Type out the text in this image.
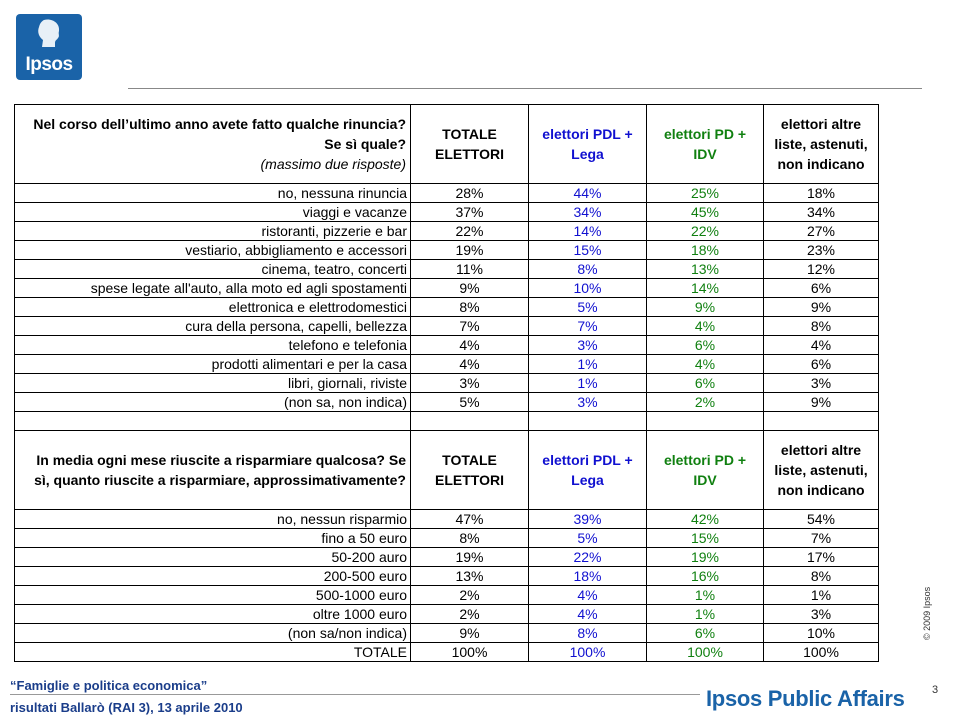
Ipsos
Nel corso dell’ultimo anno avete fatto qualche rinuncia? Se sì quale?
(massimo due risposte)	TOTALE ELETTORI	elettori PDL + Lega	elettori PD + IDV	elettori altre liste, astenuti, non indicano
no, nessuna rinuncia	28%	44%	25%	18%
viaggi e vacanze	37%	34%	45%	34%
ristoranti, pizzerie e bar	22%	14%	22%	27%
vestiario, abbigliamento e accessori	19%	15%	18%	23%
cinema, teatro, concerti	11%	8%	13%	12%
spese legate all'auto, alla moto ed agli spostamenti	9%	10%	14%	6%
elettronica e elettrodomestici	8%	5%	9%	9%
cura della persona, capelli, bellezza	7%	7%	4%	8%
telefono e telefonia	4%	3%	6%	4%
prodotti alimentari e per la casa	4%	1%	4%	6%
libri, giornali, riviste	3%	1%	6%	3%
(non sa, non indica)	5%	3%	2%	9%

In media ogni mese riuscite a risparmiare qualcosa? Se sì, quanto riuscite a risparmiare, approssimativamente?	TOTALE ELETTORI	elettori PDL + Lega	elettori PD + IDV	elettori altre liste, astenuti, non indicano
no, nessun risparmio	47%	39%	42%	54%
fino a 50 euro	8%	5%	15%	7%
50-200 auro	19%	22%	19%	17%
200-500 euro	13%	18%	16%	8%
500-1000 euro	2%	4%	1%	1%
oltre 1000 euro	2%	4%	1%	3%
(non sa/non indica)	9%	8%	6%	10%
TOTALE	100%	100%	100%	100%
© 2009 Ipsos
“Famiglie e politica economica”
risultati Ballarò (RAI 3), 13 aprile 2010
3
Ipsos Public Affairs
